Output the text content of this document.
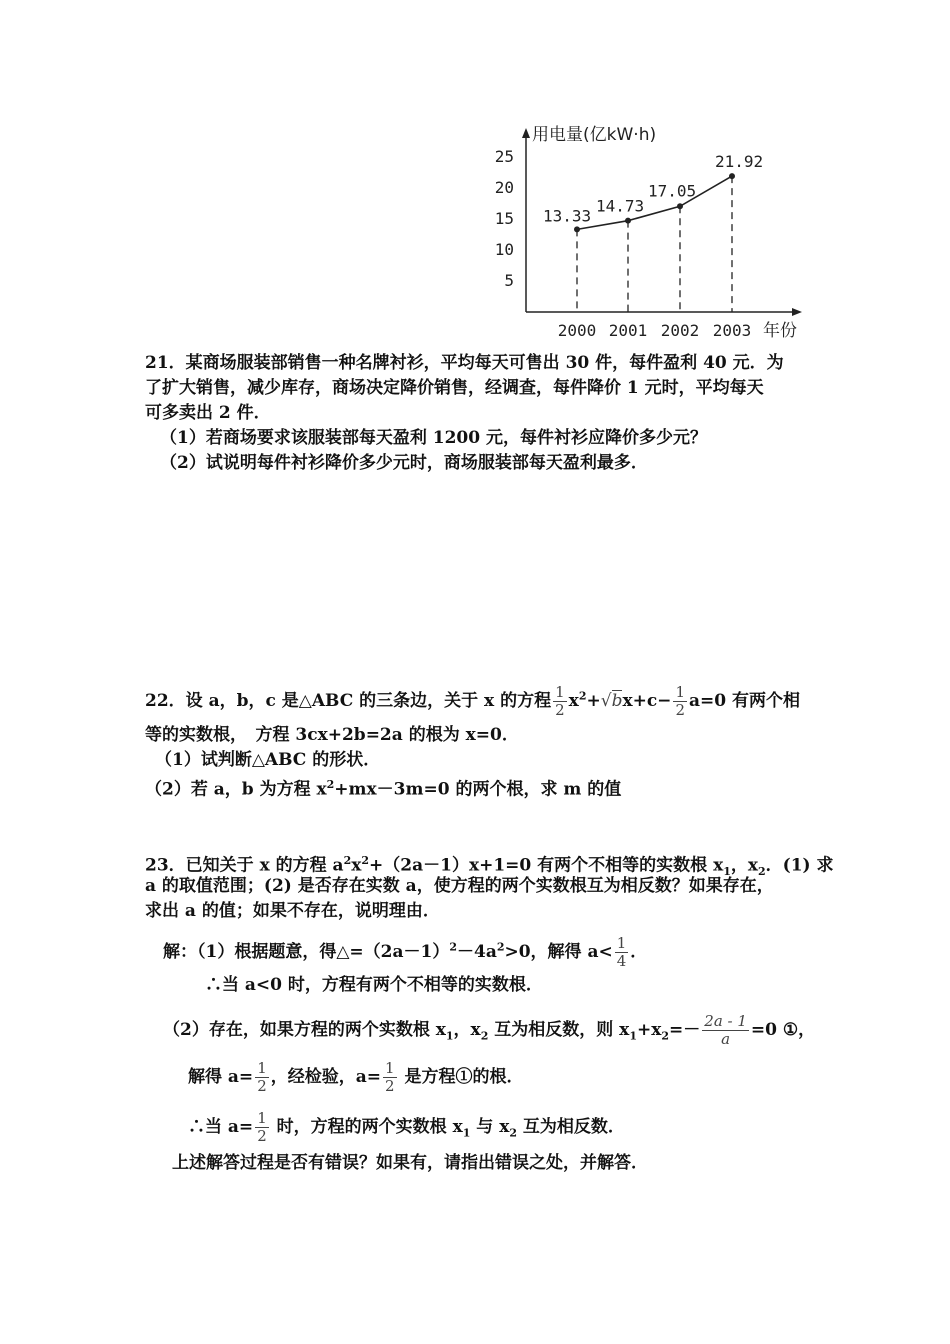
用电量(亿kW·h)
5
10
15
20
25
13.33
14.73
17.05
21.92
2000 2001 2002 2003 年份
21．某商场服装部销售一种名牌衬衫，平均每天可售出 30 件，每件盈利 40 元．为
了扩大销售，减少库存，商场决定降价销售，经调查，每件降价 1 元时，平均每天
可多卖出 2 件．
（1）若商场要求该服装部每天盈利 1200 元，每件衬衫应降价多少元？
（2）试说明每件衬衫降价多少元时，商场服装部每天盈利最多．
22．设 a，b，c 是△ABC 的三条边，关于 x 的方程 $\frac{1}{2} x^2+√bx+c- \frac{1}{2} a=0$ 有两个相
等的实数根，　方程 3cx+2b=2a 的根为 x=0．
（1）试判断△ABC 的形状．
（2）若 a，b 为方程 $x^2+mx-3m=0$ 的两个根，求 m 的值
23．已知关于 x 的方程 $a^2x^2+(2a-1)x+1=0$ 有两个不相等的实数根 $x_1$，$x_2$．(1) 求
a 的取值范围；(2) 是否存在实数 a，使方程的两个实数根互为相反数？如果存在，
求出 a 的值；如果不存在，说明理由．
解：（1）根据题意，得$\triangle=(2a-1)^2-4a^2>0$，解得 $a< \frac{1}{4}$ ．
∴当 a<0 时，方程有两个不相等的实数根．
（2）存在，如果方程的两个实数根 $x_1$，$x_2$ 互为相反数，则 $x_1+x_2=- \frac{2a - 1}{a} =0$ ①，
解得 $a= \frac{1}{2}$ ，经检验，$a= \frac{1}{2}$ 是方程①的根．
∴当 $a= \frac{1}{2}$ 时，方程的两个实数根 $x_1$ 与 $x_2$ 互为相反数．
上述解答过程是否有错误？如果有，请指出错误之处，并解答．
